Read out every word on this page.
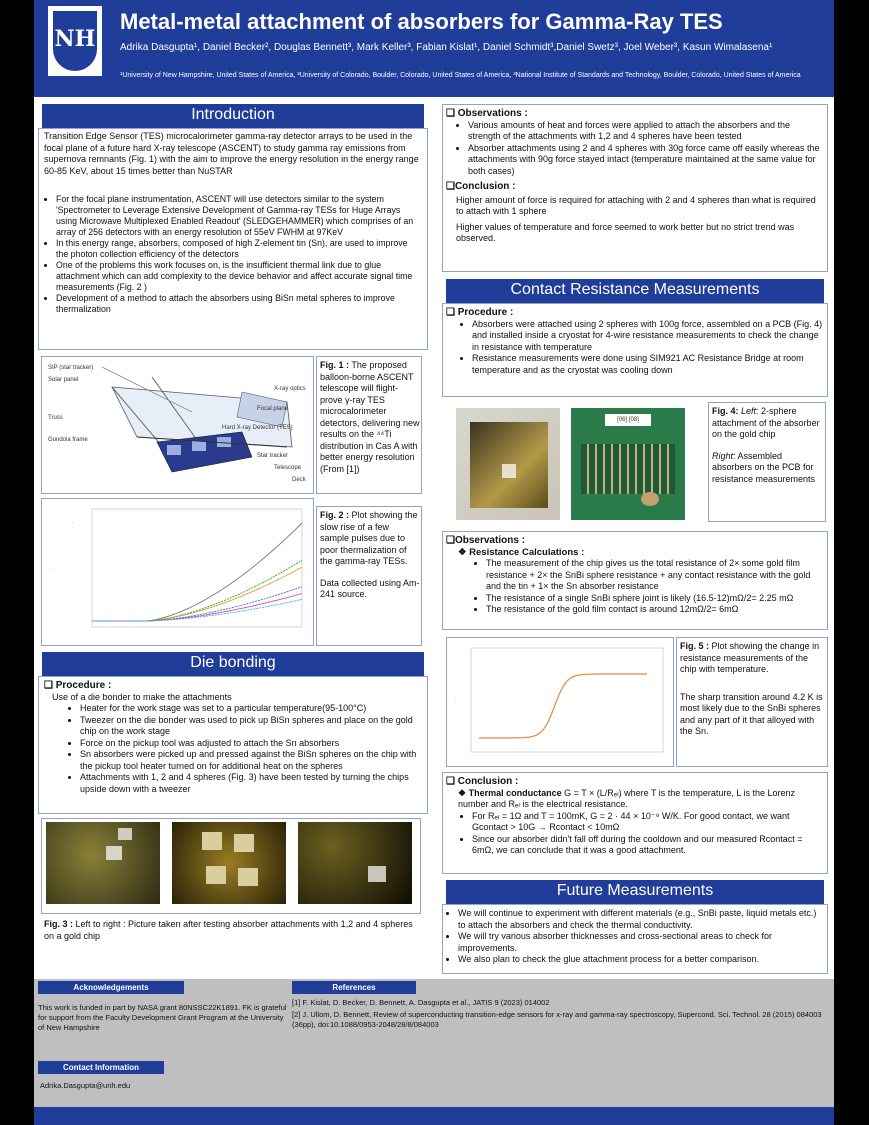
NH
Metal-metal attachment of absorbers for Gamma-Ray TES
Adrika Dasgupta¹, Daniel Becker², Douglas Bennett³, Mark Keller³, Fabian Kislat¹, Daniel Schmidt³,Daniel Swetz³, Joel Weber³, Kasun Wimalasena¹
¹University of New Hampshire, United States of America, ²University of Colorado, Boulder, Colorado, United States of America, ³National Institute of Standards and Technology, Boulder, Colorado, United States of America
Introduction
Transition Edge Sensor (TES) microcalorimeter gamma-ray detector arrays to be used in the focal plane of a future hard X-ray telescope (ASCENT) to study gamma ray emissions from supernova remnants (Fig. 1) with the aim to improve the energy resolution in the energy range 60-85 KeV, about 15 times better than NuSTAR
• For the focal plane instrumentation, ASCENT will use detectors similar to the system 'Spectrometer to Leverage Extensive Development of Gamma-ray TESs for Huge Arrays using Microwave Multiplexed Enabled Readout' (SLEDGEHAMMER) which comprises of an array of 256 detectors with an energy resolution of 55eV FWHM at 97KeV
• In this energy range, absorbers, composed of high Z-element tin (Sn), are used to improve the photon collection efficiency of the detectors
• One of the problems this work focuses on, is the insufficient thermal link due to glue attachment which can add complexity to the device behavior and affect accurate signal time measurements (Fig. 2 )
• Development of a method to attach the absorbers using BiSn metal spheres to improve thermalization
SIP (star tracker)
Solar panel
Truss
Gondola frame
X-ray optics
Focal plane
Star tracker
Hard X-ray Detector (TES)
Telescope
Deck
Fig. 1 : The proposed balloon-borne ASCENT telescope will flight-prove γ-ray TES microcalorimeter detectors, delivering new results on the ⁴⁴Ti distribution in Cas A with better energy resolution (From [1])
·
·
Fig. 2 : Plot showing the slow rise of a few sample pulses due to poor thermalization of the gamma-ray TESs.
Data collected using Am-241 source.
Die bonding
❑ Procedure :
Use of a die bonder to make the attachments
• Heater for the work stage was set to a particular temperature(95-100°C)
• Tweezer on the die bonder was used to pick up BiSn spheres and place on the gold chip on the work stage
• Force on the pickup tool was adjusted to attach the Sn absorbers
• Sn absorbers were picked up and pressed against the BiSn spheres on the chip with the pickup tool heater turned on for additional heat on the spheres
• Attachments with 1, 2 and 4 spheres (Fig. 3) have been tested by turning the chips upside down with a tweezer
Fig. 3 : Left to right : Picture taken after testing absorber attachments with 1,2 and 4 spheres on a gold chip
❑ Observations :
• Various amounts of heat and forces were applied to attach the absorbers and the strength of the attachments with 1,2 and 4 spheres have been tested
• Absorber attachments using 2 and 4 spheres with 30g force came off easily whereas the attachments with 90g force stayed intact (temperature maintained at the same value for both cases)
❑Conclusion :
Higher amount of force is required for attaching with 2 and 4 spheres than what is required to attach with 1 sphere
Higher values of temperature and force seemed to work better but no strict trend was observed.
Contact Resistance Measurements
❑ Procedure :
• Absorbers were attached using 2 spheres with 100g force, assembled on a PCB (Fig. 4) and installed inside a cryostat for 4-wire resistance measurements to check the change in resistance with temperature
• Resistance measurements were done using SIM921 AC Resistance Bridge at room temperature and as the cryostat was cooling down
[06] [08]
Fig. 4: Left: 2-sphere attachment of the absorber on the gold chip
Right: Assembled absorbers on the PCB for resistance measurements
❑Observations :
❖ Resistance Calculations :
• The measurement of the chip gives us the total resistance of 2× some gold film resistance + 2× the SnBi sphere resistance + any contact resistance with the gold and the tin + 1× the Sn absorber resistance
• The resistance of a single SnBi sphere joint is likely (16.5-12)mΩ/2= 2.25 mΩ
• The resistance of the gold film contact is around 12mΩ/2= 6mΩ
·
Fig. 5 : Plot showing the change in resistance measurements of the chip with temperature.
The sharp transition around 4.2 K is most likely due to the SnBi spheres and any part of it that alloyed with the Sn.
❑ Conclusion :
❖ Thermal conductance G = T × (L/Rₑₗ) where T is the temperature, L is the Lorenz number and Rₑₗ is the electrical resistance.
• For Rₑₗ = 1Ω and T = 100mK, G = 2 · 44 × 10⁻⁹ W/K. For good contact, we want Gcontact > 10G → Rcontact < 10mΩ
• Since our absorber didn't fall off during the cooldown and our measured Rcontact = 6mΩ, we can conclude that it was a good attachment.
Future Measurements
• We will continue to experiment with different materials (e.g., SnBi paste, liquid metals etc.) to attach the absorbers and check the thermal conductivity.
• We will try various absorber thicknesses and cross-sectional areas to check for improvements.
• We also plan to check the glue attachment process for a better comparison.
Acknowledgements
This work is funded in part by NASA grant 80NSSC22K1891. FK is grateful for support from the Faculty Development Grant Program at the University of New Hampshire
References
[1] F. Kislat, D. Becker, D. Bennett, A. Dasgupta et al., JATIS 9 (2023) 014002
[2] J. Ullom, D. Bennett, Review of superconducting transition-edge sensors for x-ray and gamma-ray spectroscopy, Supercond. Sci. Technol. 28 (2015) 084003 (36pp), doi:10.1088/0953-2048/28/8/084003
Contact Information
Adrika.Dasgupta@unh.edu
